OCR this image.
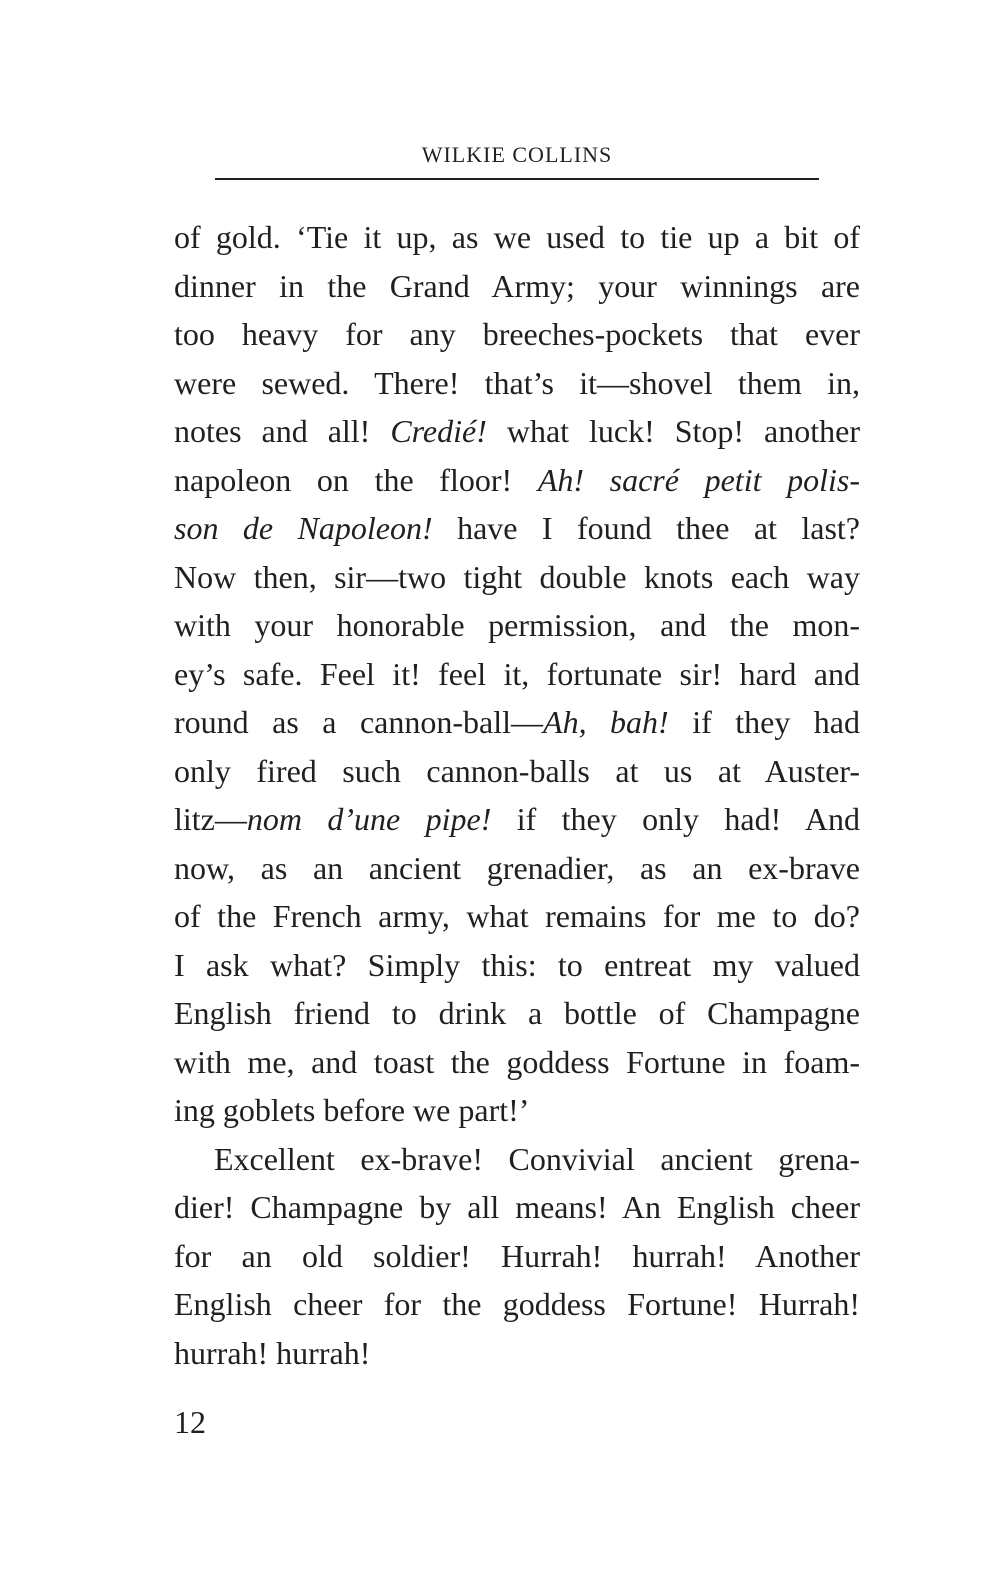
WILKIE COLLINS
of gold. ‘Tie it up, as we used to tie up a bit of
dinner in the Grand Army; your winnings are
too heavy for any breeches-pockets that ever
were sewed. There! that’s it—shovel them in,
notes and all! Credié! what luck! Stop! another
napoleon on the floor! Ah! sacré petit polis-
son de Napoleon! have I found thee at last?
Now then, sir—two tight double knots each way
with your honorable permission, and the mon-
ey’s safe. Feel it! feel it, fortunate sir! hard and
round as a cannon-ball—Ah, bah! if they had
only fired such cannon-balls at us at Auster-
litz—nom d’une pipe! if they only had! And
now, as an ancient grenadier, as an ex-brave
of the French army, what remains for me to do?
I ask what? Simply this: to entreat my valued
English friend to drink a bottle of Champagne
with me, and toast the goddess Fortune in foam-
ing goblets before we part!’
Excellent ex-brave! Convivial ancient grena-
dier! Champagne by all means! An English cheer
for an old soldier! Hurrah! hurrah! Another
English cheer for the goddess Fortune! Hurrah!
hurrah! hurrah!
12
